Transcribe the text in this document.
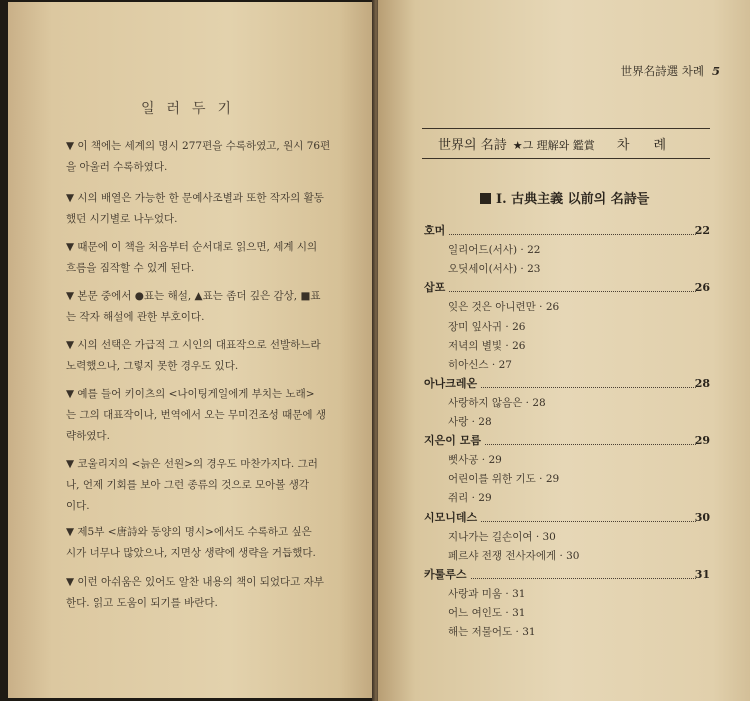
일러두기
▼ 이 책에는 세계의 명시 277편을 수록하였고, 원시 76편
을 아울러 수록하였다.
▼ 시의 배열은 가능한 한 문예사조별과 또한 작자의 활동
했던 시기별로 나누었다.
▼ 때문에 이 책을 처음부터 순서대로 읽으면, 세계 시의
흐름을 짐작할 수 있게 된다.
▼ 본문 중에서 ●표는 해설, ▲표는 좀더 깊은 감상, ■표
는 작자 해설에 관한 부호이다.
▼ 시의 선택은 가급적 그 시인의 대표작으로 선발하느라
노력했으나, 그렇지 못한 경우도 있다.
▼ 예를 들어 키이츠의 <나이팅게일에게 부치는 노래>
는 그의 대표작이나, 번역에서 오는 무미건조성 때문에 생
략하였다.
▼ 코울리지의 <늙은 선원>의 경우도 마찬가지다. 그러
나, 언제 기회를 보아 그런 종류의 것으로 모아볼 생각
이다.
▼ 제5부 <唐詩와 동양의 명시>에서도 수록하고 싶은
시가 너무나 많았으나, 지면상 생략에 생략을 거듭했다.
▼ 이런 아쉬움은 있어도 알찬 내용의 책이 되었다고 자부
한다. 읽고 도움이 되기를 바란다.
世界名詩選 차례 5
世界의 名詩 ★그 理解와 鑑賞 차 례
Ⅰ. 古典主義 以前의 名詩들
호머	22
일리어드(서사) · 22
오딧세이(서사) · 23
삽포	26
잊은 것은 아니련만 · 26
장미 잎사귀 · 26
저녁의 별빛 · 26
히아신스 · 27
아나크레온	28
사랑하지 않음은 · 28
사랑 · 28
지은이 모름	29
뻣사공 · 29
어린이를 위한 기도 · 29
쥐리 · 29
시모니데스	30
지나가는 길손이여 · 30
페르샤 전쟁 전사자에게 · 30
카툴루스	31
사랑과 미움 · 31
어느 여인도 · 31
해는 저물어도 · 31
